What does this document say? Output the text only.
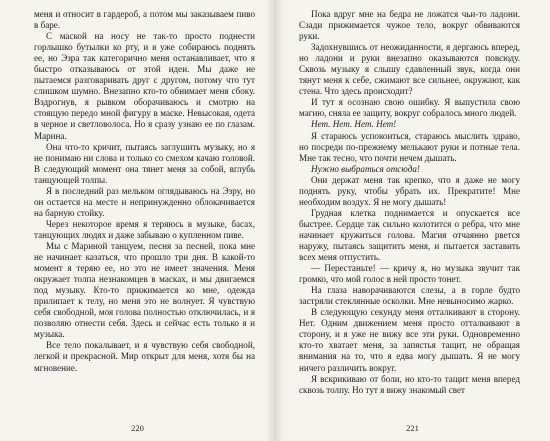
меня и относит в гардероб, а потом мы заказываем пиво в баре.

С маской на носу не так-то просто поднести горлышко бутылки ко рту, и я уже собираюсь поднять ее, но Эзра так категорично меня останавливает, что я быстро отказываюсь от этой идеи. Мы даже не пытаемся разговаривать друг с другом, потому что тут слишком шумно. Внезапно кто-то обнимает меня сбоку. Вздрогнув, я рывком оборачиваюсь и смотрю на стоящую передо мной фигуру в маске. Невысокая, одета в черное и светловолоса. Но я сразу узнаю ее по глазам. Марина.

Она что-то кричит, пытаясь заглушить музыку, но я не понимаю ни слова и только со смехом качаю головой. В следующий момент она тянет меня за собой, вглубь танцующей толпы.

Я в последний раз мельком оглядываюсь на Эзру, но он остается на месте и непринужденно облокачивается на барную стойку.

Через некоторое время я теряюсь в музыке, басах, танцующих людях и даже забываю о купленном пиве.

Мы с Мариной танцуем, песня за песней, пока мне не начинает казаться, что прошло три дня. В какой-то момент я теряю ее, но это не имеет значения. Меня окружает толпа незнакомцев в масках, и мы двигаемся под музыку. Кто-то прижимается ко мне, одежда прилипает к телу, но меня это не волнует. Я чувствую себя свободной, моя голова полностью отключилась, и я позволяю отнести себя. Здесь и сейчас есть только я и музыка.

Все тело покалывает, и я чувствую себя свободной, легкой и прекрасной. Мир открыт для меня, хотя бы на мгновение.

220

Пока вдруг мне на бедра не ложатся чьи-то ладони. Сзади прижимается чужое тело, вокруг обвиваются руки.

Задохнувшись от неожиданности, я дергаюсь вперед, но ладони и руки внезапно оказываются повсюду. Сквозь музыку я слышу сдавленный звук, когда они тянут меня к себе, сжимают все сильнее, окружают, как стена. Что здесь происходит?

И тут я осознаю свою ошибку. Я выпустила свою магию, сняла ее защиту, вокруг собралось много людей.

Нет. Нет. Нет. Нет!

Я стараюсь успокоиться, стараюсь мыслить здраво, но посреди по-прежнему мелькают руки и потные тела. Мне так тесно, что почти нечем дышать.

Нужно выбраться отсюда!

Они держат меня так крепко, что я даже не могу поднять руку, чтобы убрать их. Прекратите! Мне необходим воздух. Я не могу дышать!

Грудная клетка поднимается и опускается все быстрее. Сердце так сильно колотится о ребра, что мне начинает кружиться голова. Магия отчаянно рвется наружу, пытаясь защитить меня, и пытается заставить всех меня отпустить.

— Перестаньте! — кричу я, но музыка звучит так громко, что мой голос в ней просто тонет.

На глаза наворачиваются слезы, а в горле будто застряли стеклянные осколки. Мне невыносимо жарко.

В следующую секунду меня отталкивают в сторону. Нет. Одним движением меня просто отталкивают в сторону, и я уже не вижу все эти руки. Одновременно кто-то хватает меня, за запястья тащит, не обращая внимания на то, что я едва могу дышать. Я не могу ничего различить вокруг.

Я вскрикиваю от боли, но кто-то тащит меня вперед сквозь толпу. Но тут я вижу знакомый свет

221
